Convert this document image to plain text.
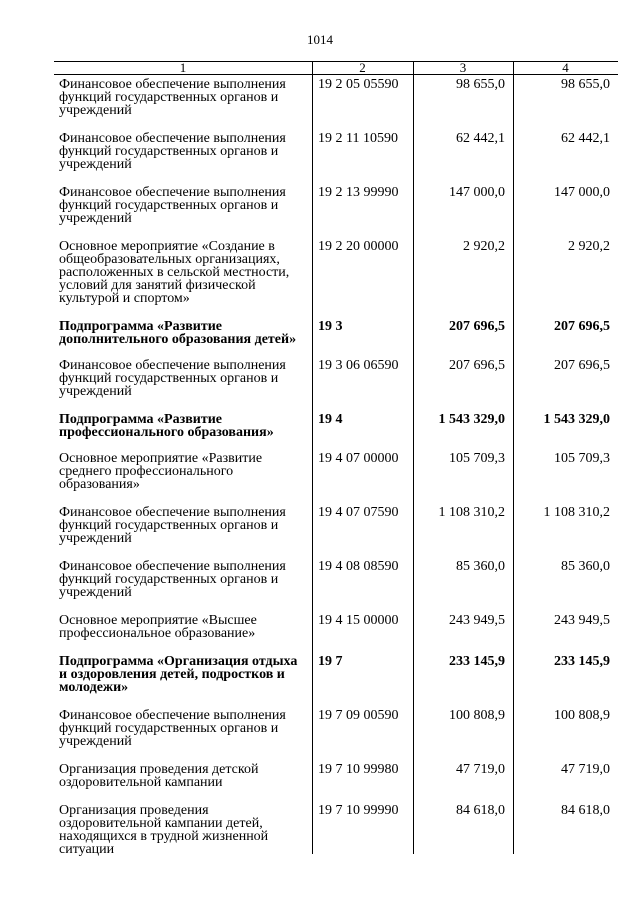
1014
1	2	3	4
Финансовое обеспечение выполнения функций государственных органов и учреждений	19 2 05 05590	98 655,0	98 655,0
Финансовое обеспечение выполнения функций государственных органов и учреждений	19 2 11 10590	62 442,1	62 442,1
Финансовое обеспечение выполнения функций государственных органов и учреждений	19 2 13 99990	147 000,0	147 000,0
Основное мероприятие «Создание в общеобразовательных организациях, расположенных в сельской местности, условий для занятий физической культурой и спортом»	19 2 20 00000	2 920,2	2 920,2
Подпрограмма «Развитие дополнительного образования детей»	19 3	207 696,5	207 696,5
Финансовое обеспечение выполнения функций государственных органов и учреждений	19 3 06 06590	207 696,5	207 696,5
Подпрограмма «Развитие профессионального образования»	19 4	1 543 329,0	1 543 329,0
Основное мероприятие «Развитие среднего профессионального образования»	19 4 07 00000	105 709,3	105 709,3
Финансовое обеспечение выполнения функций государственных органов и учреждений	19 4 07 07590	1 108 310,2	1 108 310,2
Финансовое обеспечение выполнения функций государственных органов и учреждений	19 4 08 08590	85 360,0	85 360,0
Основное мероприятие «Высшее профессиональное образование»	19 4 15 00000	243 949,5	243 949,5
Подпрограмма «Организация отдыха и оздоровления детей, подростков и молодежи»	19 7	233 145,9	233 145,9
Финансовое обеспечение выполнения функций государственных органов и учреждений	19 7 09 00590	100 808,9	100 808,9
Организация проведения детской оздоровительной кампании	19 7 10 99980	47 719,0	47 719,0
Организация проведения оздоровительной кампании детей, находящихся в трудной жизненной ситуации	19 7 10 99990	84 618,0	84 618,0
